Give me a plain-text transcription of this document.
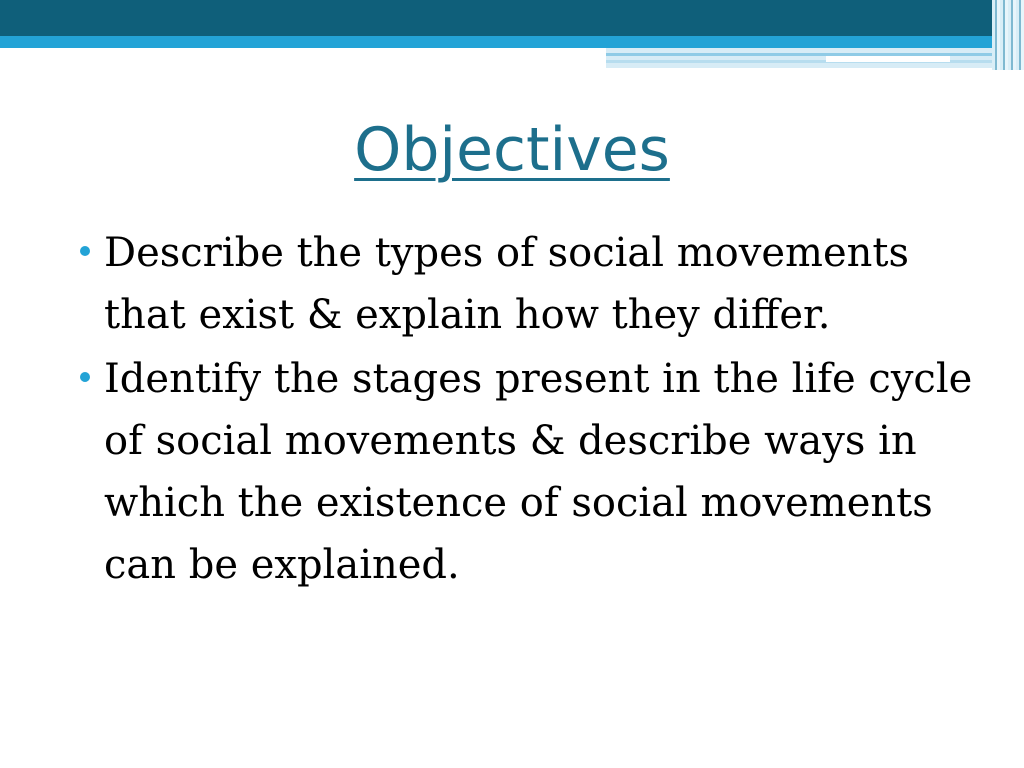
Objectives
Describe the types of social movements that exist & explain how they differ.
Identify the stages present in the life cycle of social movements & describe ways in which the existence of social movements can be explained.
